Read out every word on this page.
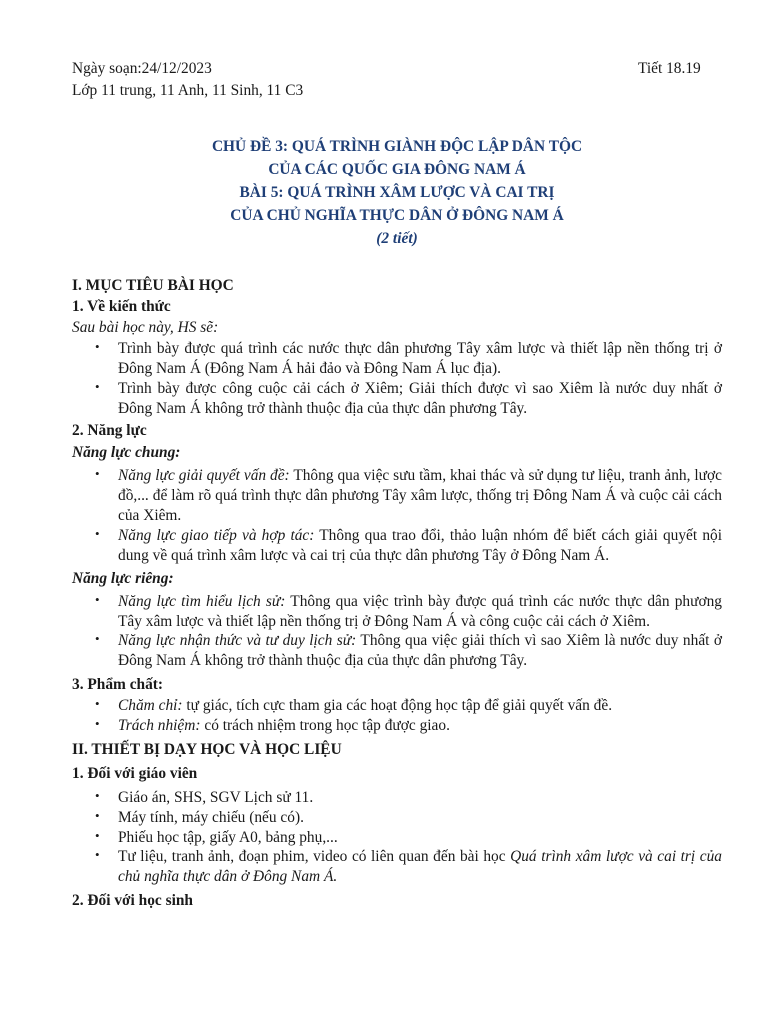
Ngày soạn:24/12/2023	Tiết 18.19
Lớp 11 trung, 11 Anh, 11 Sinh, 11 C3
CHỦ ĐỀ 3: QUÁ TRÌNH GIÀNH ĐỘC LẬP DÂN TỘC
CỦA CÁC QUỐC GIA ĐÔNG NAM Á
BÀI 5: QUÁ TRÌNH XÂM LƯỢC VÀ CAI TRỊ
CỦA CHỦ NGHĨA THỰC DÂN Ở ĐÔNG NAM Á
(2 tiết)
I. MỤC TIÊU BÀI HỌC
1. Về kiến thức
Sau bài học này, HS sẽ:
• Trình bày được quá trình các nước thực dân phương Tây xâm lược và thiết lập nền thống trị ở Đông Nam Á (Đông Nam Á hải đảo và Đông Nam Á lục địa).
• Trình bày được công cuộc cải cách ở Xiêm; Giải thích được vì sao Xiêm là nước duy nhất ở Đông Nam Á không trở thành thuộc địa của thực dân phương Tây.
2. Năng lực
Năng lực chung:
• Năng lực giải quyết vấn đề: Thông qua việc sưu tầm, khai thác và sử dụng tư liệu, tranh ảnh, lược đồ,... để làm rõ quá trình thực dân phương Tây xâm lược, thống trị Đông Nam Á và cuộc cải cách của Xiêm.
• Năng lực giao tiếp và hợp tác: Thông qua trao đổi, thảo luận nhóm để biết cách giải quyết nội dung về quá trình xâm lược và cai trị của thực dân phương Tây ở Đông Nam Á.
Năng lực riêng:
• Năng lực tìm hiểu lịch sử: Thông qua việc trình bày được quá trình các nước thực dân phương Tây xâm lược và thiết lập nền thống trị ở Đông Nam Á và công cuộc cải cách ở Xiêm.
• Năng lực nhận thức và tư duy lịch sử: Thông qua việc giải thích vì sao Xiêm là nước duy nhất ở Đông Nam Á không trở thành thuộc địa của thực dân phương Tây.
3. Phẩm chất:
• Chăm chỉ: tự giác, tích cực tham gia các hoạt động học tập để giải quyết vấn đề.
• Trách nhiệm: có trách nhiệm trong học tập được giao.
II. THIẾT BỊ DẠY HỌC VÀ HỌC LIỆU
1. Đối với giáo viên
• Giáo án, SHS, SGV Lịch sử 11.
• Máy tính, máy chiếu (nếu có).
• Phiếu học tập, giấy A0, bảng phụ,...
• Tư liệu, tranh ảnh, đoạn phim, video có liên quan đến bài học Quá trình xâm lược và cai trị của chủ nghĩa thực dân ở Đông Nam Á.
2. Đối với học sinh
